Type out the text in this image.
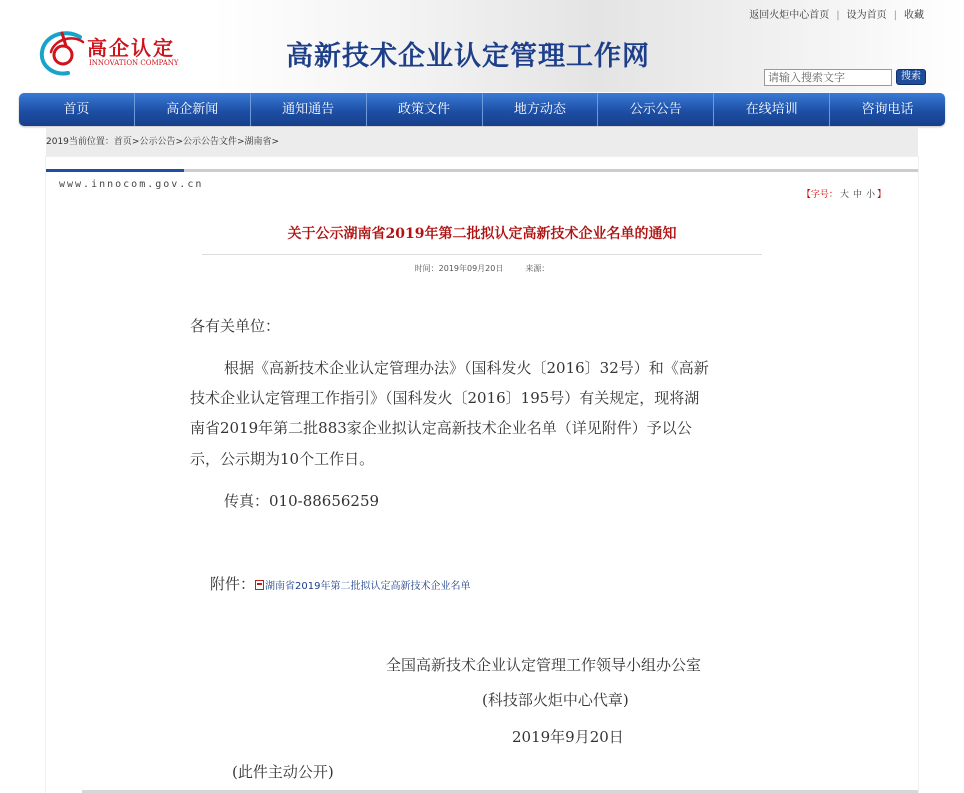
返回火炬中心首页 | 设为首页 | 收藏
高企认定
INNOVATION COMPANY	高新技术企业认定管理工作网
请输入搜索文字
搜索
首页	高企新闻	通知通告	政策文件	地方动态	公示公告	在线培训	咨询电话
2019当前位置：首页>公示公告>公示公告文件>湖南省>
www.innocom.gov.cn
【字号： 大 中 小 】
关于公示湖南省2019年第二批拟认定高新技术企业名单的通知
时间：2019年09月20日	来源：
各有关单位：
根据《高新技术企业认定管理办法》（国科发火〔2016〕32号）和《高新
技术企业认定管理工作指引》（国科发火〔2016〕195号）有关规定，现将湖
南省2019年第二批883家企业拟认定高新技术企业名单（详见附件）予以公
示，公示期为10个工作日。
传真：010-88656259
附件： 湖南省2019年第二批拟认定高新技术企业名单
全国高新技术企业认定管理工作领导小组办公室
(科技部火炬中心代章)
2019年9月20日
(此件主动公开)
